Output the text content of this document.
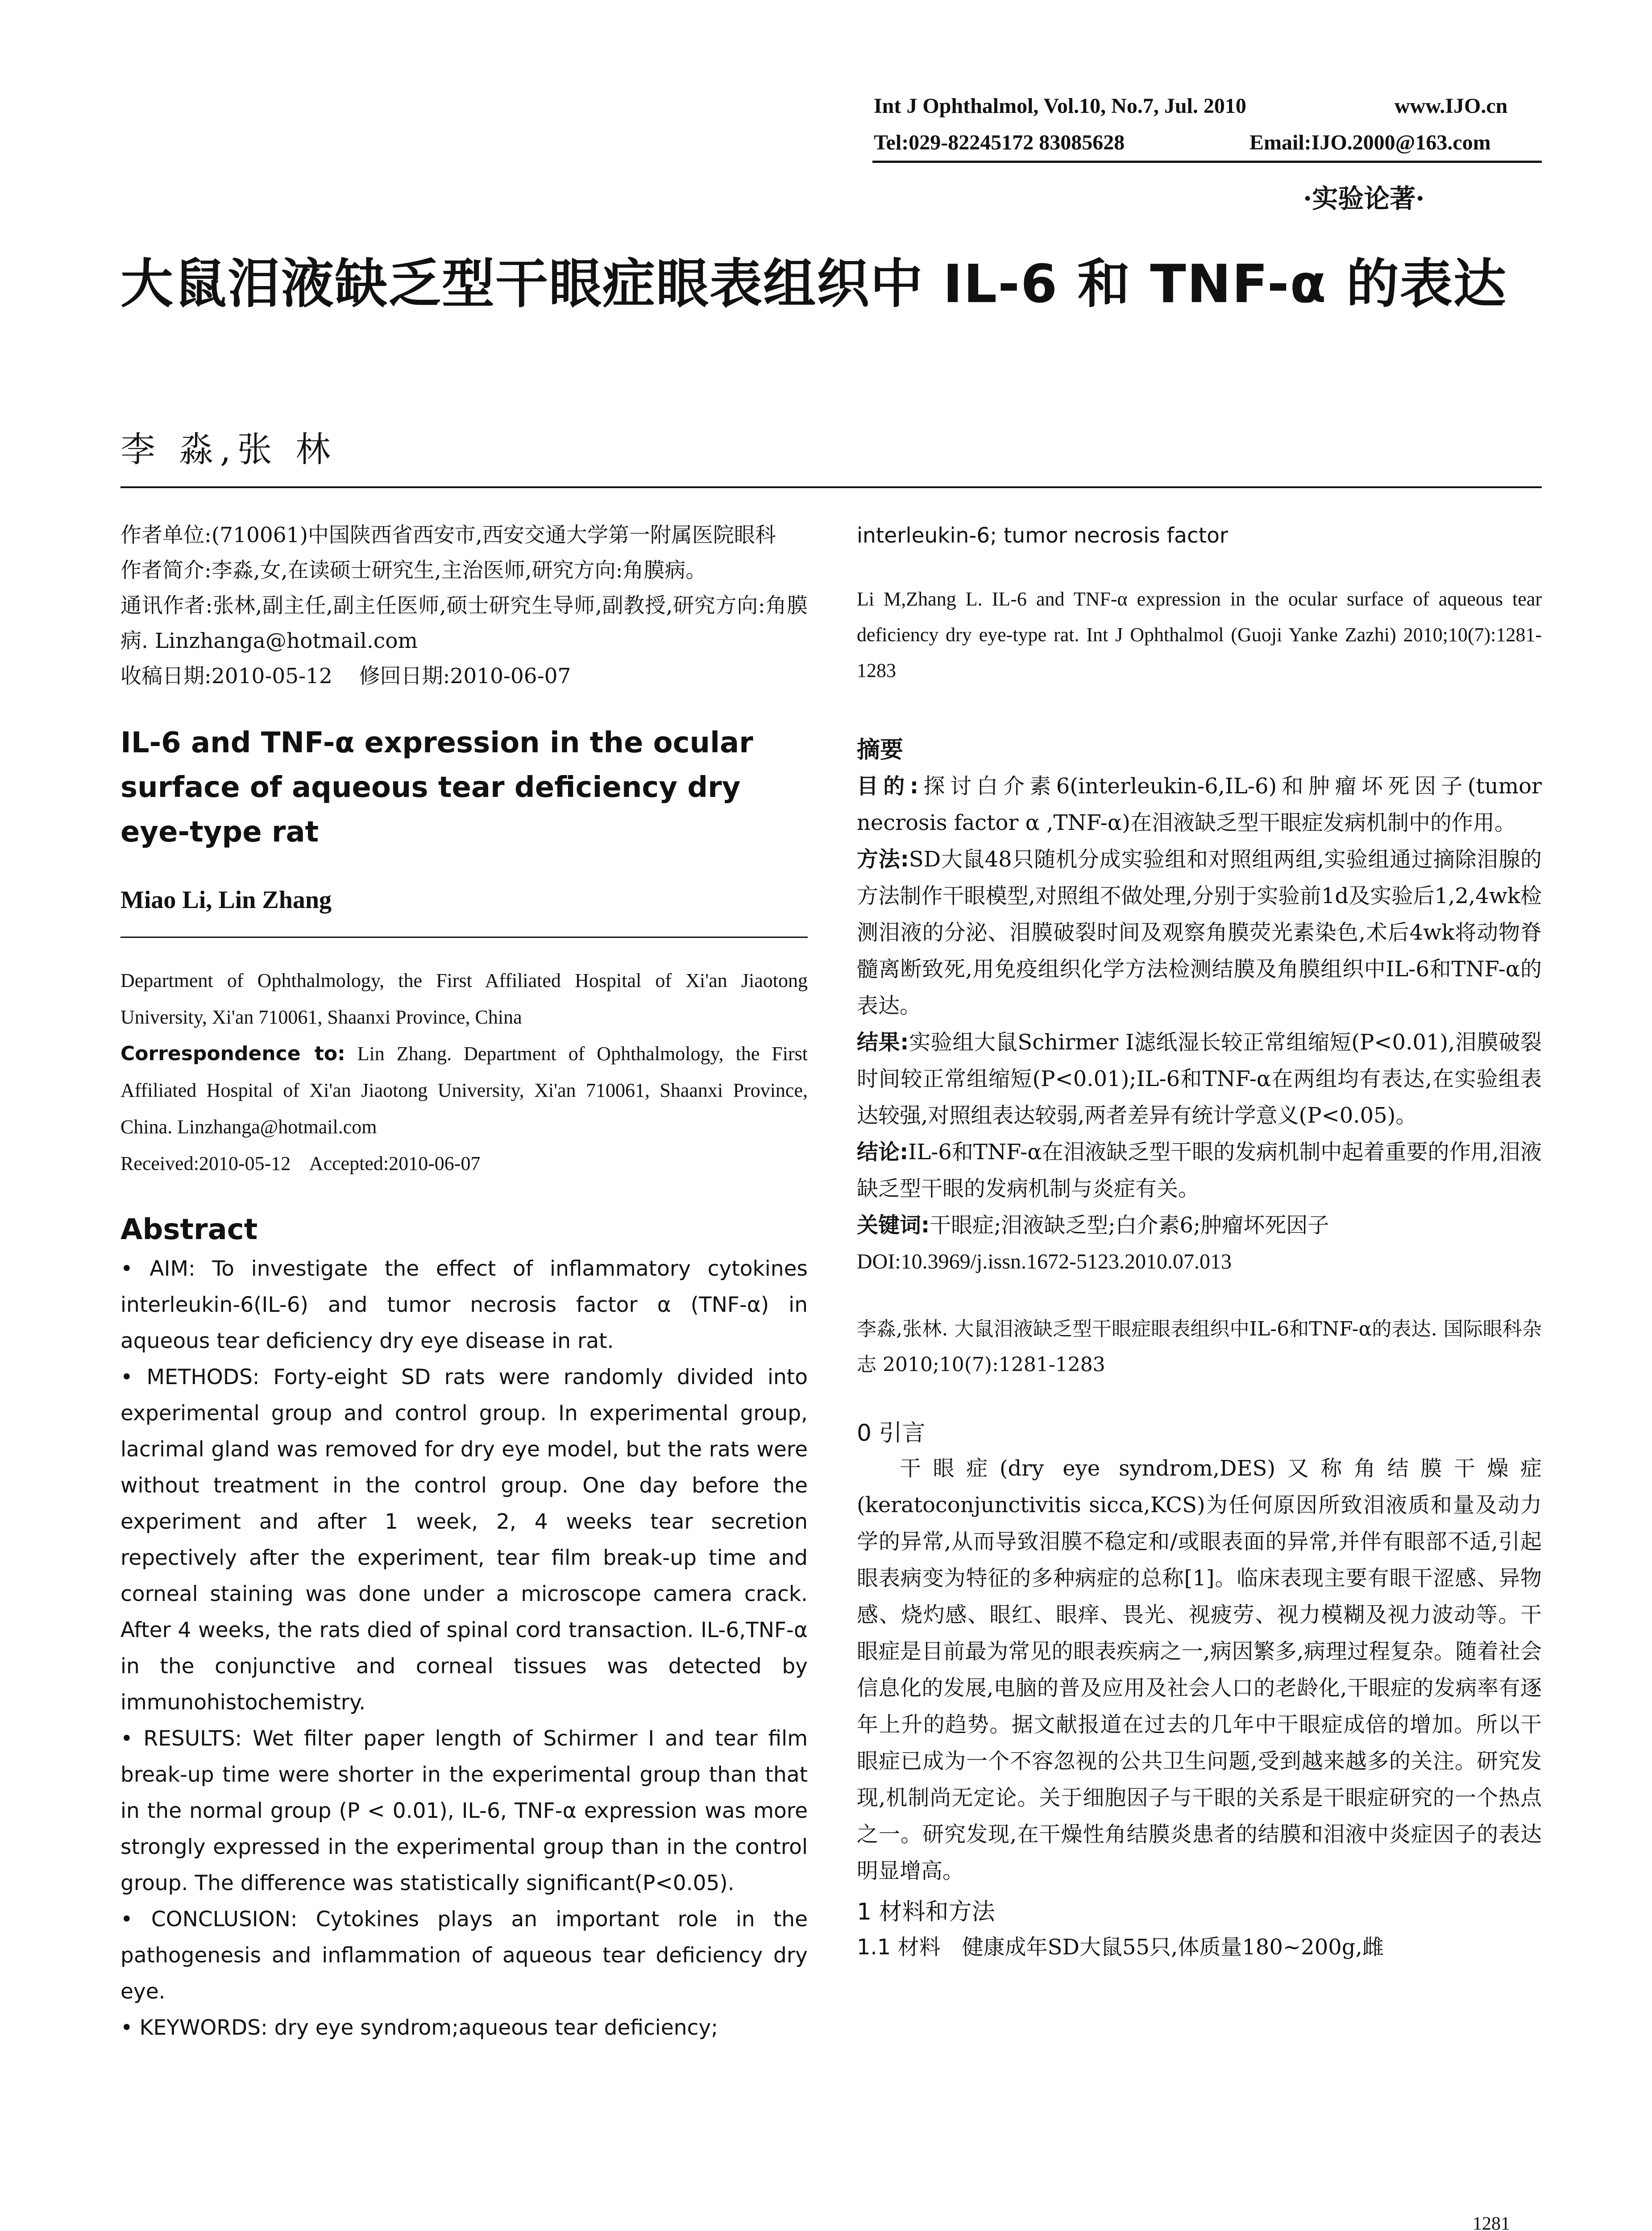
Int J Ophthalmol, Vol.10, No.7, Jul. 2010	www.IJO.cn
Tel:029-82245172 83085628	Email:IJO.2000@163.com
·实验论著·
大鼠泪液缺乏型干眼症眼表组织中 IL-6 和 TNF-α 的表达
李 淼,张 林

作者单位:(710061)中国陕西省西安市,西安交通大学第一附属医院眼科

作者简介:李淼,女,在读硕士研究生,主治医师,研究方向:角膜病。

通讯作者:张林,副主任,副主任医师,硕士研究生导师,副教授,研究方向:角膜病. Linzhanga@hotmail.com

收稿日期:2010-05-12    修回日期:2010-06-07

IL-6 and TNF-α expression in the ocular surface of aqueous tear deficiency dry eye-type rat
Miao Li, Lin Zhang

Department of Ophthalmology, the First Affiliated Hospital of Xi'an Jiaotong University, Xi'an 710061, Shaanxi Province, China

Correspondence to: Lin Zhang. Department of Ophthalmology, the First Affiliated Hospital of Xi'an Jiaotong University, Xi'an 710061, Shaanxi Province, China. Linzhanga@hotmail.com

Received:2010-05-12    Accepted:2010-06-07

Abstract

• AIM: To investigate the effect of inflammatory cytokines interleukin-6(IL-6) and tumor necrosis factor α (TNF-α) in aqueous tear deficiency dry eye disease in rat.

• METHODS: Forty-eight SD rats were randomly divided into experimental group and control group. In experimental group, lacrimal gland was removed for dry eye model, but the rats were without treatment in the control group. One day before the experiment and after 1 week, 2, 4 weeks tear secretion repectively after the experiment, tear film break-up time and corneal staining was done under a microscope camera crack. After 4 weeks, the rats died of spinal cord transaction. IL-6,TNF-α in the conjunctive and corneal tissues was detected by immunohistochemistry.

• RESULTS: Wet filter paper length of Schirmer I and tear film break-up time were shorter in the experimental group than that in the normal group (P < 0.01), IL-6, TNF-α expression was more strongly expressed in the experimental group than in the control group. The difference was statistically significant(P<0.05).

• CONCLUSION: Cytokines plays an important role in the pathogenesis and inflammation of aqueous tear deficiency dry eye.

• KEYWORDS: dry eye syndrom;aqueous tear deficiency;

interleukin-6; tumor necrosis factor

Li M,Zhang L. IL-6 and TNF-α expression in the ocular surface of aqueous tear deficiency dry eye-type rat. Int J Ophthalmol (Guoji Yanke Zazhi) 2010;10(7):1281-1283

摘要

目的:探讨白介素6(interleukin-6,IL-6)和肿瘤坏死因子(tumor necrosis factor α ,TNF-α)在泪液缺乏型干眼症发病机制中的作用。

方法:SD大鼠48只随机分成实验组和对照组两组,实验组通过摘除泪腺的方法制作干眼模型,对照组不做处理,分别于实验前1d及实验后1,2,4wk检测泪液的分泌、泪膜破裂时间及观察角膜荧光素染色,术后4wk将动物脊髓离断致死,用免疫组织化学方法检测结膜及角膜组织中IL-6和TNF-α的表达。

结果:实验组大鼠Schirmer Ⅰ滤纸湿长较正常组缩短(P<0.01),泪膜破裂时间较正常组缩短(P<0.01);IL-6和TNF-α在两组均有表达,在实验组表达较强,对照组表达较弱,两者差异有统计学意义(P<0.05)。

结论:IL-6和TNF-α在泪液缺乏型干眼的发病机制中起着重要的作用,泪液缺乏型干眼的发病机制与炎症有关。

关键词:干眼症;泪液缺乏型;白介素6;肿瘤坏死因子

DOI:10.3969/j.issn.1672-5123.2010.07.013

李淼,张林. 大鼠泪液缺乏型干眼症眼表组织中IL-6和TNF-α的表达. 国际眼科杂志 2010;10(7):1281-1283

0 引言

干眼症(dry eye syndrom,DES)又称角结膜干燥症(keratoconjunctivitis sicca,KCS)为任何原因所致泪液质和量及动力学的异常,从而导致泪膜不稳定和/或眼表面的异常,并伴有眼部不适,引起眼表病变为特征的多种病症的总称[1]。临床表现主要有眼干涩感、异物感、烧灼感、眼红、眼痒、畏光、视疲劳、视力模糊及视力波动等。干眼症是目前最为常见的眼表疾病之一,病因繁多,病理过程复杂。随着社会信息化的发展,电脑的普及应用及社会人口的老龄化,干眼症的发病率有逐年上升的趋势。据文献报道在过去的几年中干眼症成倍的增加。所以干眼症已成为一个不容忽视的公共卫生问题,受到越来越多的关注。研究发现,机制尚无定论。关于细胞因子与干眼的关系是干眼症研究的一个热点之一。研究发现,在干燥性角结膜炎患者的结膜和泪液中炎症因子的表达明显增高。

1 材料和方法

1.1 材料  健康成年SD大鼠55只,体质量180~200g,雌

1281
